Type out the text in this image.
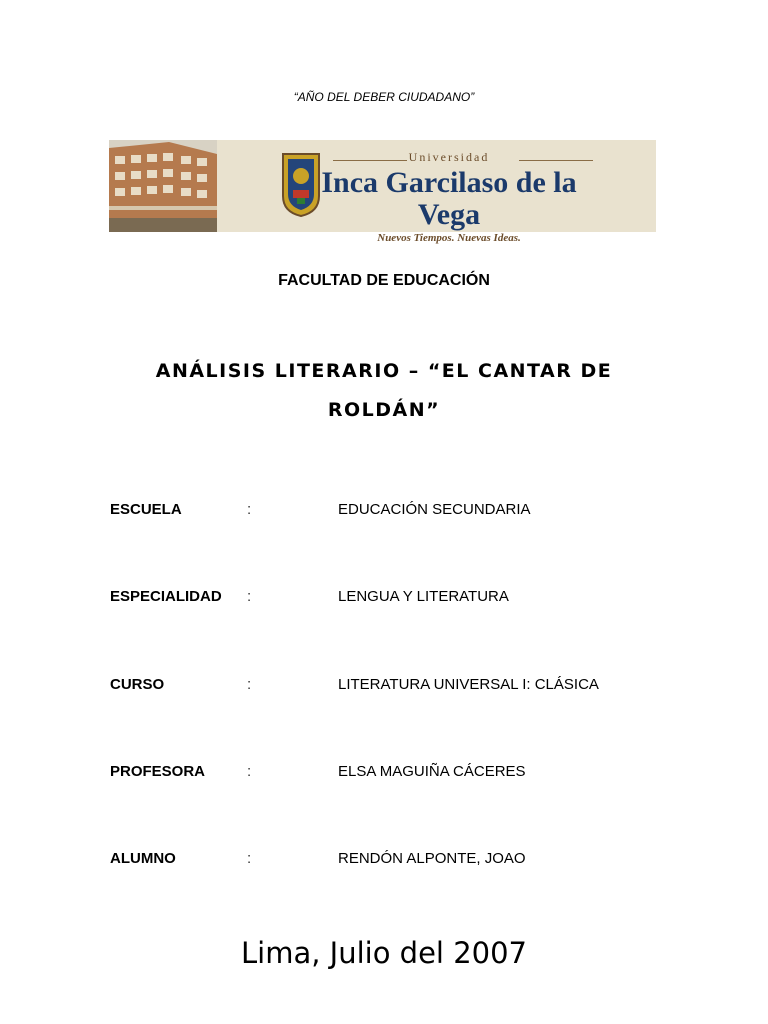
“AÑO DEL DEBER CIUDADANO”
Universidad
Inca Garcilaso de la Vega
Nuevos Tiempos. Nuevas Ideas.
FACULTAD DE EDUCACIÓN
ANÁLISIS LITERARIO – “EL CANTAR DE ROLDÁN”
ESCUELA	:	EDUCACIÓN SECUNDARIA
ESPECIALIDAD :	LENGUA Y LITERATURA
CURSO	:	LITERATURA UNIVERSAL I: CLÁSICA
PROFESORA	:	ELSA MAGUIÑA CÁCERES
ALUMNO	:	RENDÓN ALPONTE, JOAO
Lima, Julio del 2007
